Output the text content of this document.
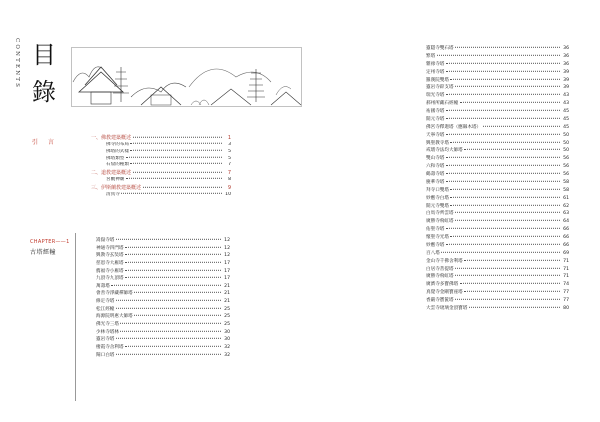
CONTENTS 目
錄
引 言
CHAPTER——1
古塔經幢
一、佛教建築概述	1
佛寺的布局	3
佛塔的式樣	5
佛塔類型	5
石窟的種類	7
二、道教建築概述	7
宮觀神廟	8
三、伊斯蘭教建築概述	9
清真寺	10
嵩嶽寺塔	12
神通寺四門塔	12
興教寺玄奘塔	12
慈恩寺大雁塔	17
薦福寺小雁塔	17
九頂寺九頂塔	17
萬壽塔	21
會善寺淨藏禪師塔	21
修定寺塔	21
松江經幢	25
海源院明惠大師塔	25
佛光寺三塔	25
少林寺塔林	30
靈岩寺塔	30
棲霞寺舍利塔	32
閘口白塔	32
靈隱寺雙石塔	36
繁塔	36
雜祿寺塔	36
定州寺塔	39
羅漢院雙塔	39
靈岩寺辟支塔	39
瑞光寺塔	43
郝州所藏石經幢	43
祐國寺塔	45
開元寺塔	45
佛宮寺釋迦塔（應縣木塔）	45
天寧寺塔	50
興聖教寺塔	50
戒壇寺法均大師塔	50
雙山寺塔	56
六和寺塔	56
鶴壽寺塔	56
慶華寺塔	58
拜寺口雙塔	58
妙應寺白塔	61
開元寺雙塔	62
白馬寺齊雲塔	63
廣勝寺飛虹塔	64
佑聖寺塔	66
懷聖寺光塔	66
妙應寺塔	66
百八塔	69
金山寺千佛舍利塔	71
白居寺菩提塔	71
廣勝寺飛虹塔	71
廣濟寺多寶佛塔	74
真覺寺金剛寶座塔	77
香嚴寺寶篋塔	77
大雲寺琉璃金頂寶塔	80
